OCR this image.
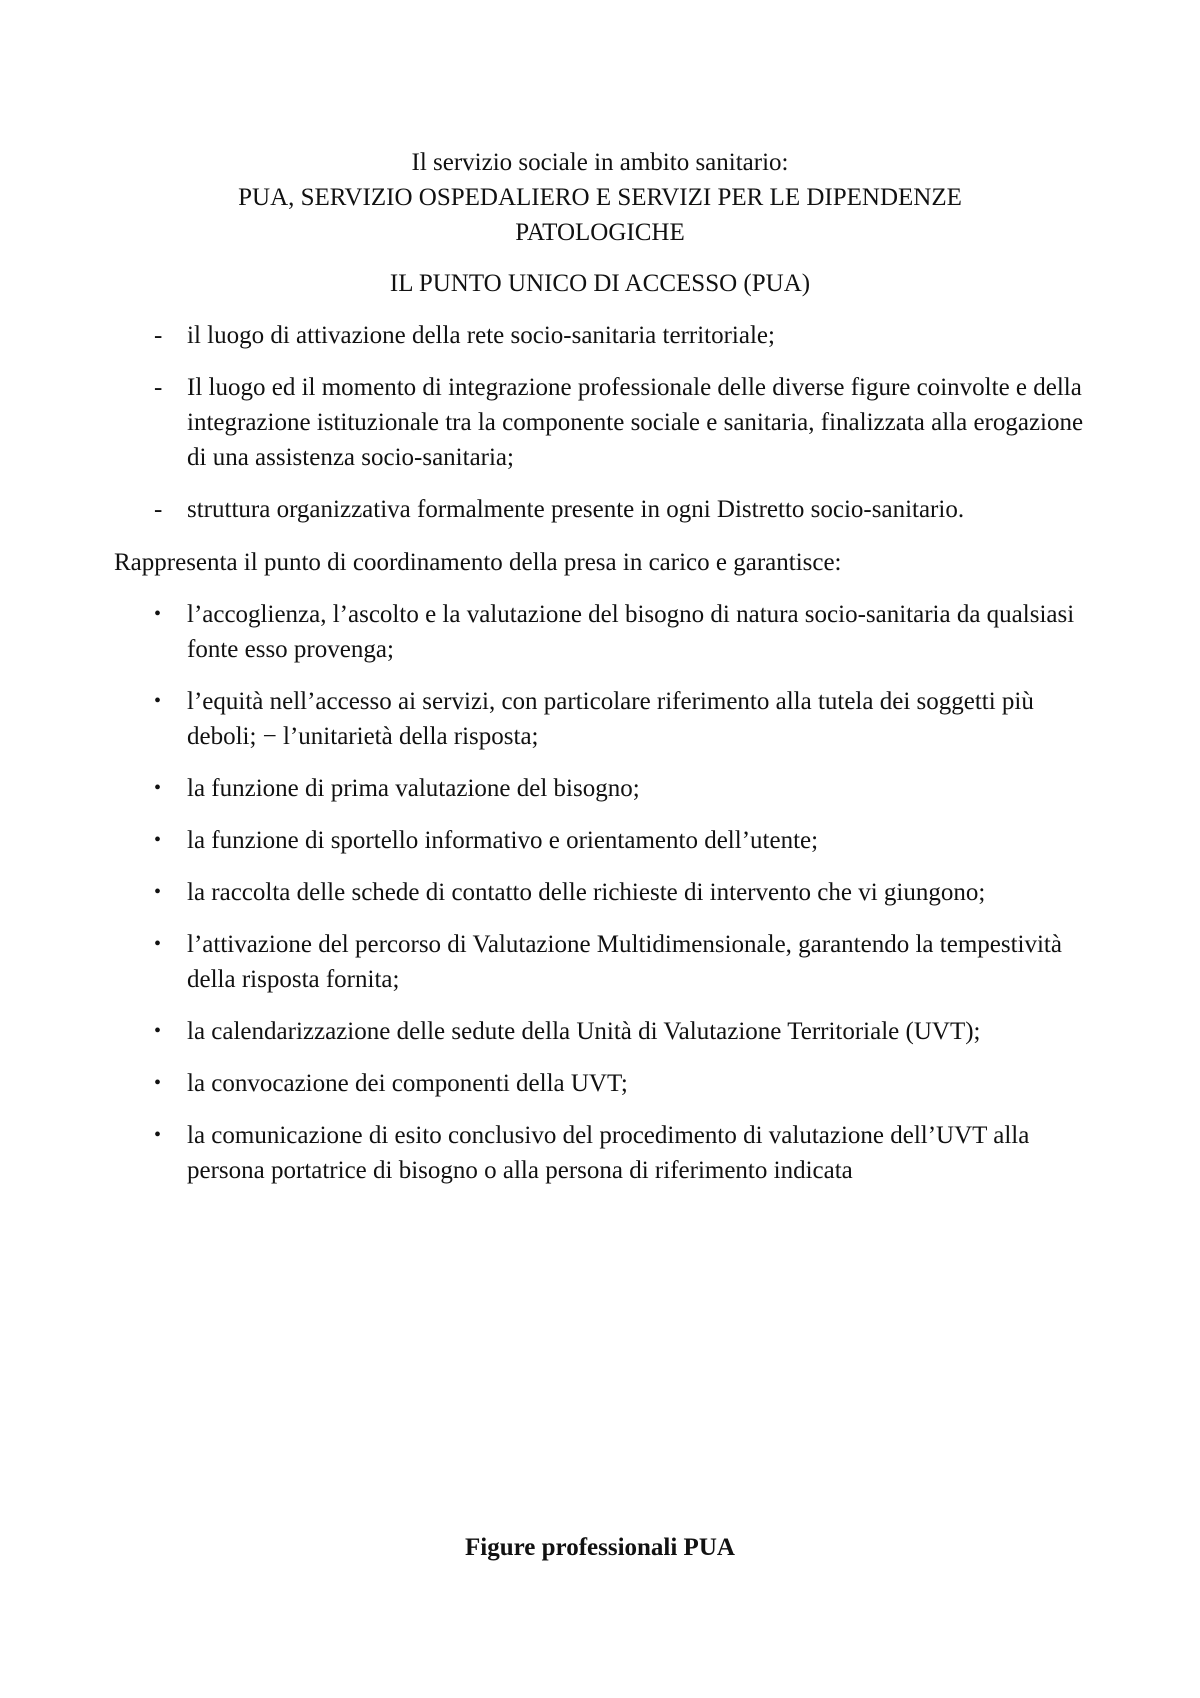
Il servizio sociale in ambito sanitario:
PUA, SERVIZIO OSPEDALIERO E SERVIZI PER LE DIPENDENZE
PATOLOGICHE
IL PUNTO UNICO DI ACCESSO (PUA)
- il luogo di attivazione della rete socio-sanitaria territoriale;
- Il luogo ed il momento di integrazione professionale delle diverse figure coinvolte e della integrazione istituzionale tra la componente sociale e sanitaria, finalizzata alla erogazione di una assistenza socio-sanitaria;
- struttura organizzativa formalmente presente in ogni Distretto socio-sanitario.
Rappresenta il punto di coordinamento della presa in carico e garantisce:
• l’accoglienza, l’ascolto e la valutazione del bisogno di natura socio-sanitaria da qualsiasi fonte esso provenga;
• l’equità nell’accesso ai servizi, con particolare riferimento alla tutela dei soggetti più deboli; − l’unitarietà della risposta;
• la funzione di prima valutazione del bisogno;
• la funzione di sportello informativo e orientamento dell’utente;
• la raccolta delle schede di contatto delle richieste di intervento che vi giungono;
• l’attivazione del percorso di Valutazione Multidimensionale, garantendo la tempestività della risposta fornita;
• la calendarizzazione delle sedute della Unità di Valutazione Territoriale (UVT);
• la convocazione dei componenti della UVT;
• la comunicazione di esito conclusivo del procedimento di valutazione dell’UVT alla persona portatrice di bisogno o alla persona di riferimento indicata
Figure professionali PUA
